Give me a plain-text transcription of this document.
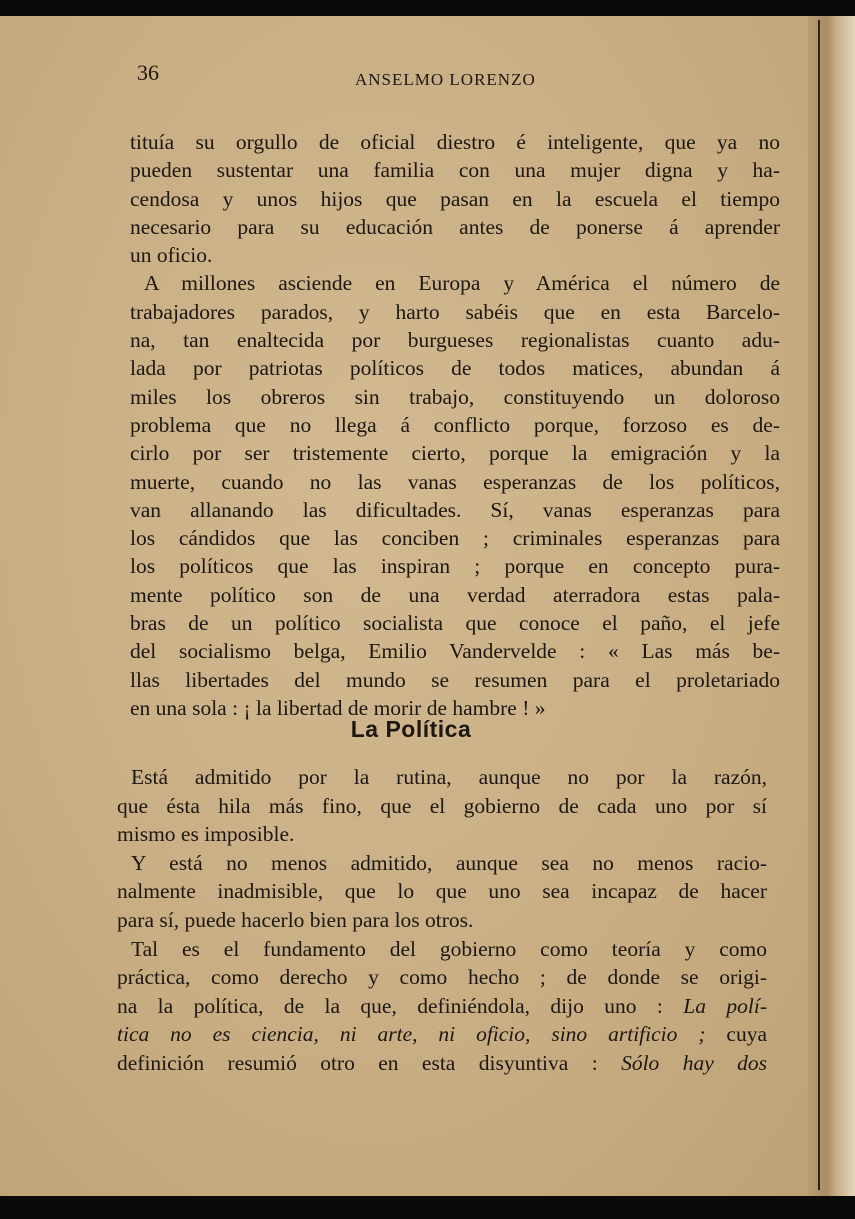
36	ANSELMO LORENZO
tituía su orgullo de oficial diestro é inteligente, que ya no
pueden sustentar una familia con una mujer digna y ha-
cendosa y unos hijos que pasan en la escuela el tiempo
necesario para su educación antes de ponerse á aprender
un oficio.
A millones asciende en Europa y América el número de
trabajadores parados, y harto sabéis que en esta Barcelo-
na, tan enaltecida por burgueses regionalistas cuanto adu-
lada por patriotas políticos de todos matices, abundan á
miles los obreros sin trabajo, constituyendo un doloroso
problema que no llega á conflicto porque, forzoso es de-
cirlo por ser tristemente cierto, porque la emigración y la
muerte, cuando no las vanas esperanzas de los políticos,
van allanando las dificultades. Sí, vanas esperanzas para
los cándidos que las conciben ; criminales esperanzas para
los políticos que las inspiran ; porque en concepto pura-
mente político son de una verdad aterradora estas pala-
bras de un político socialista que conoce el paño, el jefe
del socialismo belga, Emilio Vandervelde : « Las más be-
llas libertades del mundo se resumen para el proletariado
en una sola : ¡ la libertad de morir de hambre ! »
La Política
Está admitido por la rutina, aunque no por la razón,
que ésta hila más fino, que el gobierno de cada uno por sí
mismo es imposible.
Y está no menos admitido, aunque sea no menos racio-
nalmente inadmisible, que lo que uno sea incapaz de hacer
para sí, puede hacerlo bien para los otros.
Tal es el fundamento del gobierno como teoría y como
práctica, como derecho y como hecho ; de donde se origi-
na la política, de la que, definiéndola, dijo uno : La polí-
tica no es ciencia, ni arte, ni oficio, sino artificio ; cuya
definición resumió otro en esta disyuntiva : Sólo hay dos
